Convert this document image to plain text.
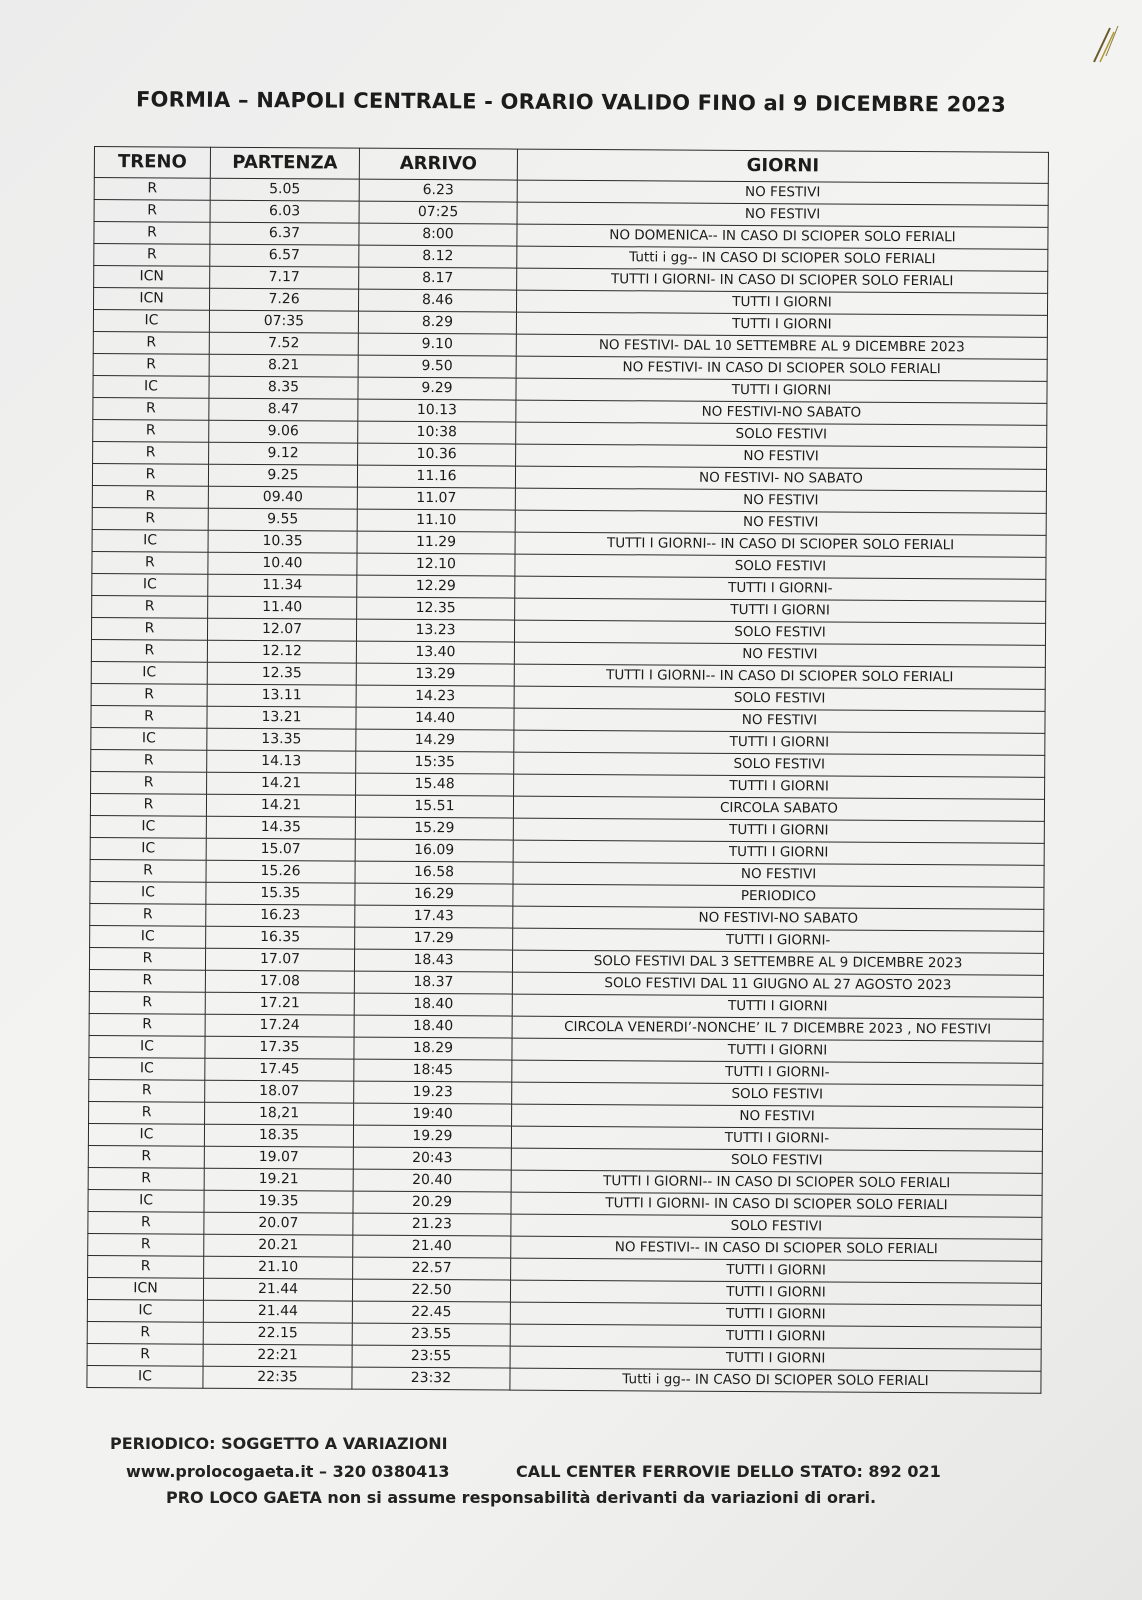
FORMIA – NAPOLI CENTRALE - ORARIO VALIDO FINO al 9 DICEMBRE 2023
TRENO	PARTENZA	ARRIVO	GIORNI
R	5.05	6.23	NO FESTIVI
R	6.03	07:25	NO FESTIVI
R	6.37	8:00	NO DOMENICA-- IN CASO DI SCIOPER SOLO FERIALI
R	6.57	8.12	Tutti i gg-- IN CASO DI SCIOPER SOLO FERIALI
ICN	7.17	8.17	TUTTI I GIORNI- IN CASO DI SCIOPER SOLO FERIALI
ICN	7.26	8.46	TUTTI I GIORNI
IC	07:35	8.29	TUTTI I GIORNI
R	7.52	9.10	NO FESTIVI- DAL 10 SETTEMBRE AL 9 DICEMBRE 2023
R	8.21	9.50	NO FESTIVI- IN CASO DI SCIOPER SOLO FERIALI
IC	8.35	9.29	TUTTI I GIORNI
R	8.47	10.13	NO FESTIVI-NO SABATO
R	9.06	10:38	SOLO FESTIVI
R	9.12	10.36	NO FESTIVI
R	9.25	11.16	NO FESTIVI- NO SABATO
R	09.40	11.07	NO FESTIVI
R	9.55	11.10	NO FESTIVI
IC	10.35	11.29	TUTTI I GIORNI-- IN CASO DI SCIOPER SOLO FERIALI
R	10.40	12.10	SOLO FESTIVI
IC	11.34	12.29	TUTTI I GIORNI-
R	11.40	12.35	TUTTI I GIORNI
R	12.07	13.23	SOLO FESTIVI
R	12.12	13.40	NO FESTIVI
IC	12.35	13.29	TUTTI I GIORNI-- IN CASO DI SCIOPER SOLO FERIALI
R	13.11	14.23	SOLO FESTIVI
R	13.21	14.40	NO FESTIVI
IC	13.35	14.29	TUTTI I GIORNI
R	14.13	15:35	SOLO FESTIVI
R	14.21	15.48	TUTTI I GIORNI
R	14.21	15.51	CIRCOLA SABATO
IC	14.35	15.29	TUTTI I GIORNI
IC	15.07	16.09	TUTTI I GIORNI
R	15.26	16.58	NO FESTIVI
IC	15.35	16.29	PERIODICO
R	16.23	17.43	NO FESTIVI-NO SABATO
IC	16.35	17.29	TUTTI I GIORNI-
R	17.07	18.43	SOLO FESTIVI DAL 3 SETTEMBRE AL 9 DICEMBRE 2023
R	17.08	18.37	SOLO FESTIVI DAL 11 GIUGNO AL 27 AGOSTO 2023
R	17.21	18.40	TUTTI I GIORNI
R	17.24	18.40	CIRCOLA VENERDI’-NONCHE’ IL 7 DICEMBRE 2023 , NO FESTIVI
IC	17.35	18.29	TUTTI I GIORNI
IC	17.45	18:45	TUTTI I GIORNI-
R	18.07	19.23	SOLO FESTIVI
R	18,21	19:40	NO FESTIVI
IC	18.35	19.29	TUTTI I GIORNI-
R	19.07	20:43	SOLO FESTIVI
R	19.21	20.40	TUTTI I GIORNI-- IN CASO DI SCIOPER SOLO FERIALI
IC	19.35	20.29	TUTTI I GIORNI- IN CASO DI SCIOPER SOLO FERIALI
R	20.07	21.23	SOLO FESTIVI
R	20.21	21.40	NO FESTIVI-- IN CASO DI SCIOPER SOLO FERIALI
R	21.10	22.57	TUTTI I GIORNI
ICN	21.44	22.50	TUTTI I GIORNI
IC	21.44	22.45	TUTTI I GIORNI
R	22.15	23.55	TUTTI I GIORNI
R	22:21	23:55	TUTTI I GIORNI
IC	22:35	23:32	Tutti i gg-- IN CASO DI SCIOPER SOLO FERIALI
PERIODICO: SOGGETTO A VARIAZIONI
www.prolocogaeta.it – 320 0380413	CALL CENTER FERROVIE DELLO STATO: 892 021
PRO LOCO GAETA non si assume responsabilità derivanti da variazioni di orari.
